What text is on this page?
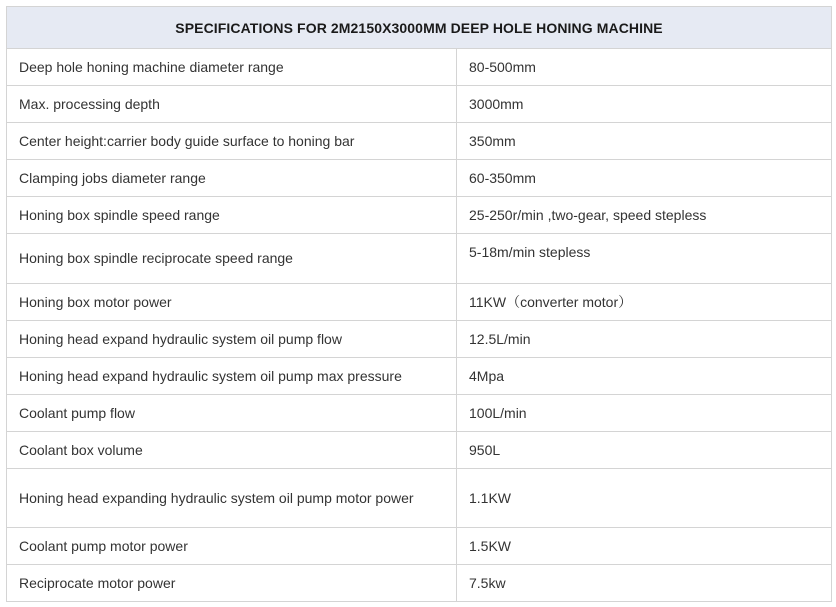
SPECIFICATIONS FOR 2M2150X3000MM DEEP HOLE HONING MACHINE	
Deep hole honing machine diameter range	80-500mm
Max. processing depth	3000mm
Center height:carrier body guide surface to honing bar	350mm
Clamping jobs diameter range	60-350mm
Honing box spindle speed range	25-250r/min ,two-gear, speed stepless
Honing box spindle reciprocate speed range	5-18m/min stepless
Honing box motor power	11KW（converter motor）
Honing head expand hydraulic system oil pump flow	12.5L/min
Honing head expand hydraulic system oil pump max pressure	4Mpa
Coolant pump flow	100L/min
Coolant box volume	950L
Honing head expanding hydraulic system oil pump motor power	1.1KW
Coolant pump motor power	1.5KW
Reciprocate motor power	7.5kw
